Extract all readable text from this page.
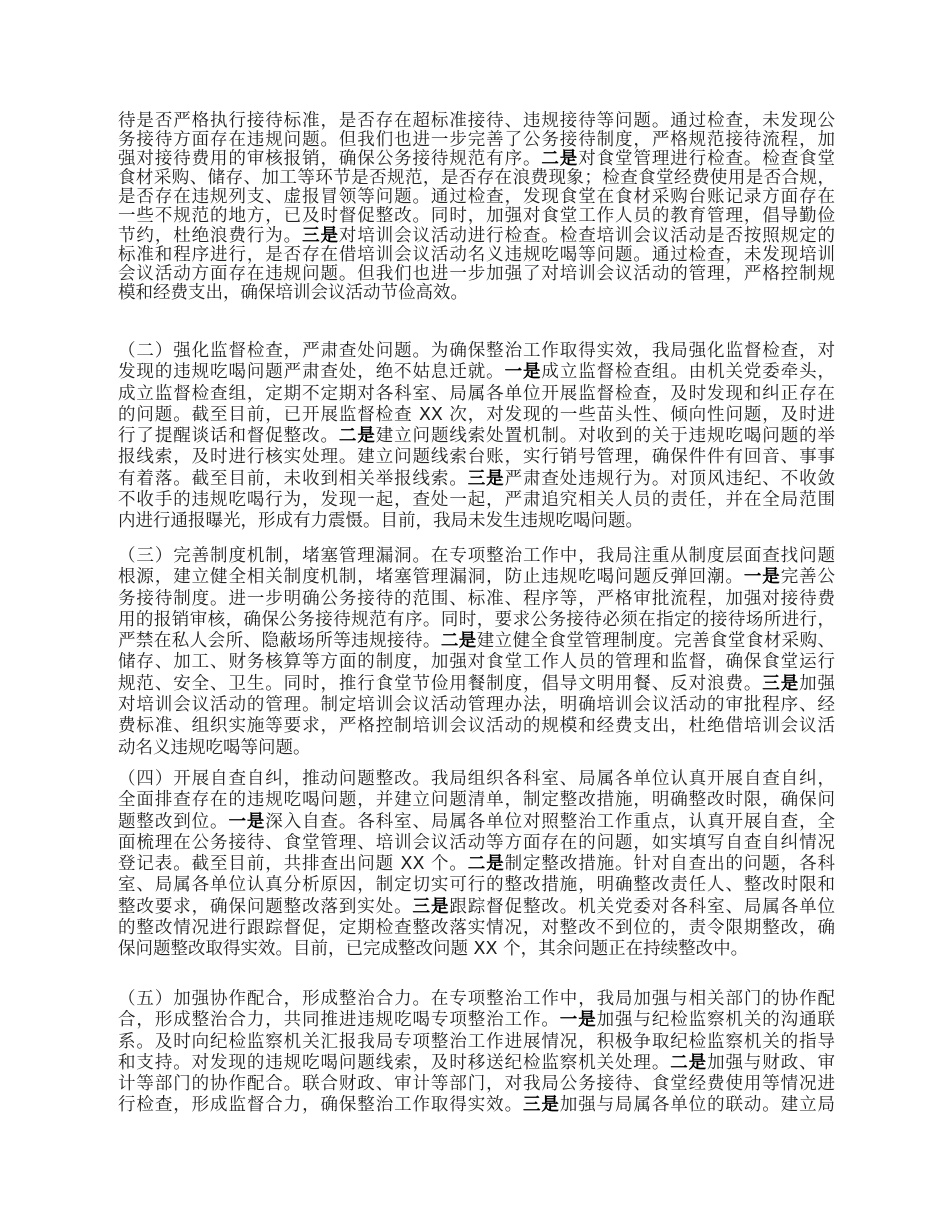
待是否严格执行接待标准，是否存在超标准接待、违规接待等问题。通过检查，未发现公
务接待方面存在违规问题。但我们也进一步完善了公务接待制度，严格规范接待流程，加
强对接待费用的审核报销，确保公务接待规范有序。二是对食堂管理进行检查。检查食堂
食材采购、储存、加工等环节是否规范，是否存在浪费现象；检查食堂经费使用是否合规，
是否存在违规列支、虚报冒领等问题。通过检查，发现食堂在食材采购台账记录方面存在
一些不规范的地方，已及时督促整改。同时，加强对食堂工作人员的教育管理，倡导勤俭
节约，杜绝浪费行为。三是对培训会议活动进行检查。检查培训会议活动是否按照规定的
标准和程序进行，是否存在借培训会议活动名义违规吃喝等问题。通过检查，未发现培训
会议活动方面存在违规问题。但我们也进一步加强了对培训会议活动的管理，严格控制规
模和经费支出，确保培训会议活动节俭高效。
（二）强化监督检查，严肃查处问题。为确保整治工作取得实效，我局强化监督检查，对
发现的违规吃喝问题严肃查处，绝不姑息迁就。一是成立监督检查组。由机关党委牵头，
成立监督检查组，定期不定期对各科室、局属各单位开展监督检查，及时发现和纠正存在
的问题。截至目前，已开展监督检查 XX 次，对发现的一些苗头性、倾向性问题，及时进
行了提醒谈话和督促整改。二是建立问题线索处置机制。对收到的关于违规吃喝问题的举
报线索，及时进行核实处理。建立问题线索台账，实行销号管理，确保件件有回音、事事
有着落。截至目前，未收到相关举报线索。三是严肃查处违规行为。对顶风违纪、不收敛
不收手的违规吃喝行为，发现一起，查处一起，严肃追究相关人员的责任，并在全局范围
内进行通报曝光，形成有力震慑。目前，我局未发生违规吃喝问题。
（三）完善制度机制，堵塞管理漏洞。在专项整治工作中，我局注重从制度层面查找问题
根源，建立健全相关制度机制，堵塞管理漏洞，防止违规吃喝问题反弹回潮。一是完善公
务接待制度。进一步明确公务接待的范围、标准、程序等，严格审批流程，加强对接待费
用的报销审核，确保公务接待规范有序。同时，要求公务接待必须在指定的接待场所进行，
严禁在私人会所、隐蔽场所等违规接待。二是建立健全食堂管理制度。完善食堂食材采购、
储存、加工、财务核算等方面的制度，加强对食堂工作人员的管理和监督，确保食堂运行
规范、安全、卫生。同时，推行食堂节俭用餐制度，倡导文明用餐、反对浪费。三是加强
对培训会议活动的管理。制定培训会议活动管理办法，明确培训会议活动的审批程序、经
费标准、组织实施等要求，严格控制培训会议活动的规模和经费支出，杜绝借培训会议活
动名义违规吃喝等问题。
（四）开展自查自纠，推动问题整改。我局组织各科室、局属各单位认真开展自查自纠，
全面排查存在的违规吃喝问题，并建立问题清单，制定整改措施，明确整改时限，确保问
题整改到位。一是深入自查。各科室、局属各单位对照整治工作重点，认真开展自查，全
面梳理在公务接待、食堂管理、培训会议活动等方面存在的问题，如实填写自查自纠情况
登记表。截至目前，共排查出问题 XX 个。二是制定整改措施。针对自查出的问题，各科
室、局属各单位认真分析原因，制定切实可行的整改措施，明确整改责任人、整改时限和
整改要求，确保问题整改落到实处。三是跟踪督促整改。机关党委对各科室、局属各单位
的整改情况进行跟踪督促，定期检查整改落实情况，对整改不到位的，责令限期整改，确
保问题整改取得实效。目前，已完成整改问题 XX 个，其余问题正在持续整改中。
（五）加强协作配合，形成整治合力。在专项整治工作中，我局加强与相关部门的协作配
合，形成整治合力，共同推进违规吃喝专项整治工作。一是加强与纪检监察机关的沟通联
系。及时向纪检监察机关汇报我局专项整治工作进展情况，积极争取纪检监察机关的指导
和支持。对发现的违规吃喝问题线索，及时移送纪检监察机关处理。二是加强与财政、审
计等部门的协作配合。联合财政、审计等部门，对我局公务接待、食堂经费使用等情况进
行检查，形成监督合力，确保整治工作取得实效。三是加强与局属各单位的联动。建立局
